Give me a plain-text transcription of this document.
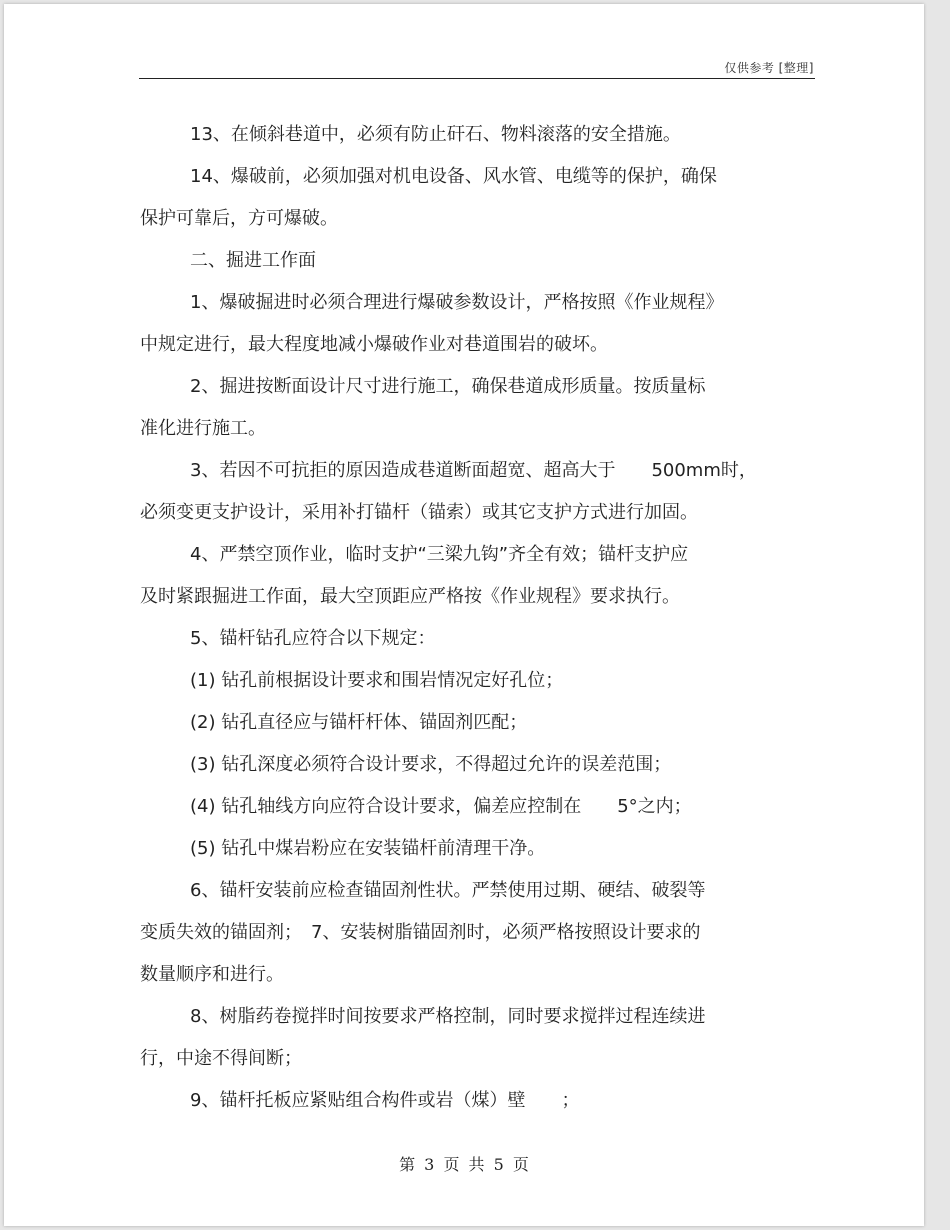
仅供参考 [整理]

13、在倾斜巷道中，必须有防止矸石、物料滚落的安全措施。

14、爆破前，必须加强对机电设备、风水管、电缆等的保护，确保

保护可靠后，方可爆破。

二、掘进工作面

1、爆破掘进时必须合理进行爆破参数设计，严格按照《作业规程》

中规定进行，最大程度地减小爆破作业对巷道围岩的破坏。

2、掘进按断面设计尺寸进行施工，确保巷道成形质量。按质量标

准化进行施工。

3、若因不可抗拒的原因造成巷道断面超宽、超高大于　　500mm时，

必须变更支护设计，采用补打锚杆（锚索）或其它支护方式进行加固。

4、严禁空顶作业，临时支护“三梁九钩”齐全有效；锚杆支护应

及时紧跟掘进工作面，最大空顶距应严格按《作业规程》要求执行。

5、锚杆钻孔应符合以下规定：

(1) 钻孔前根据设计要求和围岩情况定好孔位；

(2) 钻孔直径应与锚杆杆体、锚固剂匹配；

(3) 钻孔深度必须符合设计要求，不得超过允许的误差范围；

(4) 钻孔轴线方向应符合设计要求，偏差应控制在　　5°之内；

(5) 钻孔中煤岩粉应在安装锚杆前清理干净。

6、锚杆安装前应检查锚固剂性状。严禁使用过期、硬结、破裂等

变质失效的锚固剂；　7、安装树脂锚固剂时，必须严格按照设计要求的

数量顺序和进行。

8、树脂药卷搅拌时间按要求严格控制，同时要求搅拌过程连续进

行，中途不得间断；

9、锚杆托板应紧贴组合构件或岩（煤）壁　　；

第 3 页 共 5 页
